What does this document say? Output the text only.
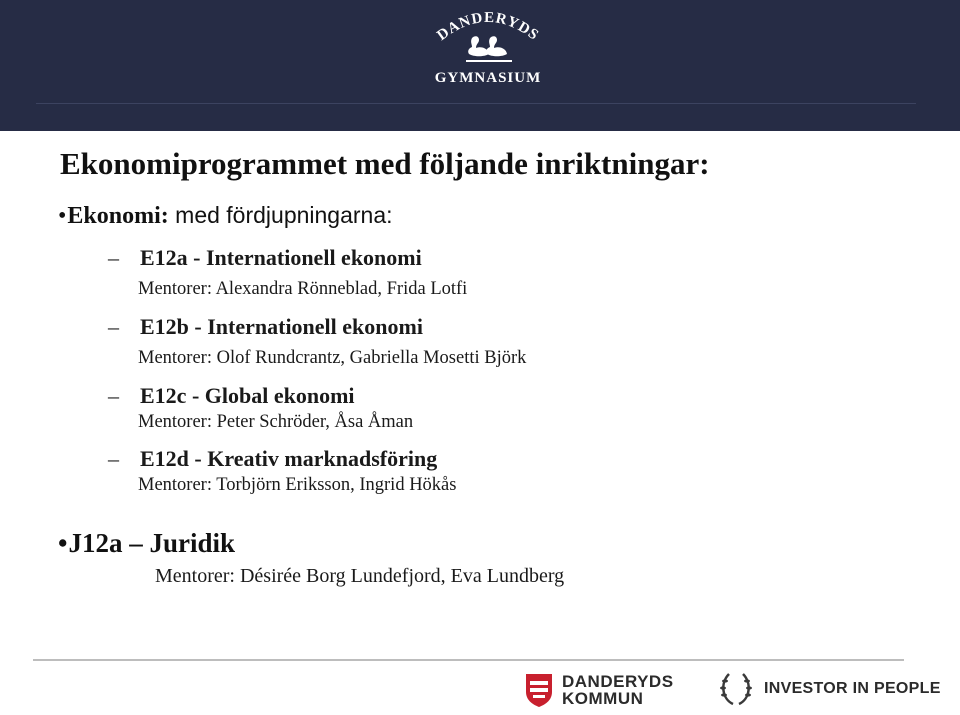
DANDERYDS
GYMNASIUM
Ekonomiprogrammet med följande inriktningar:
•Ekonomi: med fördjupningarna:
– E12a - Internationell ekonomi
Mentorer: Alexandra Rönneblad, Frida Lotfi
– E12b - Internationell ekonomi
Mentorer: Olof Rundcrantz, Gabriella Mosetti Björk
– E12c - Global ekonomi
Mentorer: Peter Schröder, Åsa Åman
– E12d - Kreativ marknadsföring
Mentorer: Torbjörn Eriksson, Ingrid Hökås
•J12a – Juridik
Mentorer: Désirée Borg Lundefjord, Eva Lundberg
DANDERYDS
KOMMUN
INVESTOR IN PEOPLE
